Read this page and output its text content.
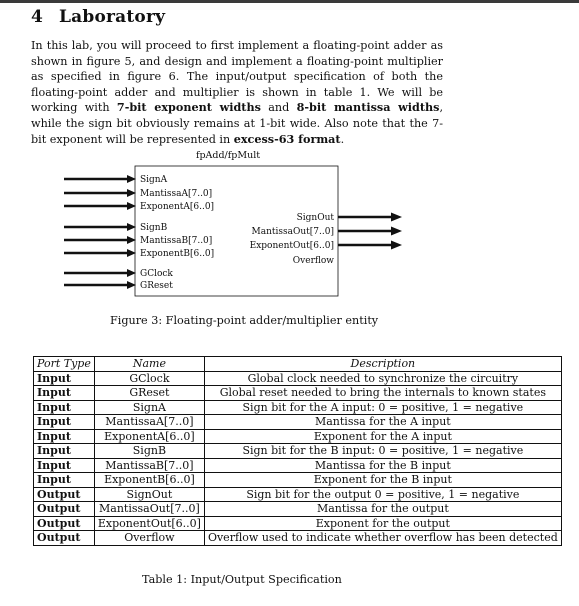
4 Laboratory
In this lab, you will proceed to first implement a floating-point adder as shown in figure 5, and design and implement a floating-point multiplier as specified in figure 6. The input/output specification of both the floating-point adder and multiplier is shown in table 1. We will be working with 7-bit exponent widths and 8-bit mantissa widths, while the sign bit obviously remains at 1-bit wide. Also note that the 7-bit exponent will be represented in excess-63 format.
fpAdd/fpMult
SignA
MantissaA[7..0]
ExponentA[6..0]
SignB
MantissaB[7..0]
ExponentB[6..0]
GClock
GReset
SignOut
MantissaOut[7..0]
ExponentOut[6..0]
Overflow
Figure 3: Floating-point adder/multiplier entity
Port Type	Name	Description
Input	GClock	Global clock needed to synchronize the circuitry
Input	GReset	Global reset needed to bring the internals to known states
Input	SignA	Sign bit for the A input: 0 = positive, 1 = negative
Input	MantissaA[7..0]	Mantissa for the A input
Input	ExponentA[6..0]	Exponent for the A input
Input	SignB	Sign bit for the B input: 0 = positive, 1 = negative
Input	MantissaB[7..0]	Mantissa for the B input
Input	ExponentB[6..0]	Exponent for the B input
Output	SignOut	Sign bit for the output 0 = positive, 1 = negative
Output	MantissaOut[7..0]	Mantissa for the output
Output	ExponentOut[6..0]	Exponent for the output
Output	Overflow	Overflow used to indicate whether overflow has been detected
Table 1: Input/Output Specification
